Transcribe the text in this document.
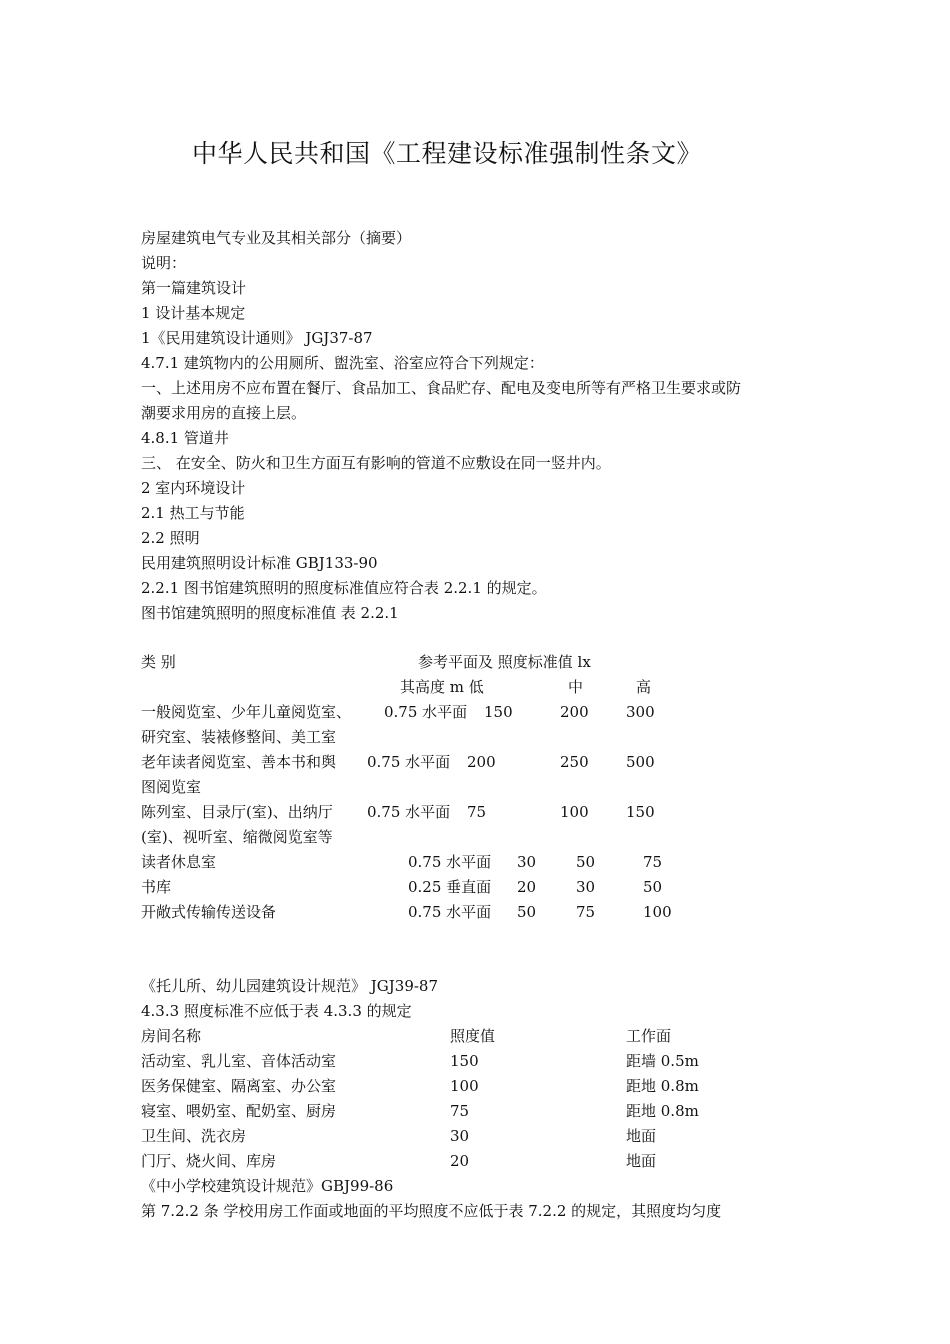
中华人民共和国《工程建设标准强制性条文》
房屋建筑电气专业及其相关部分（摘要）
说明：
第一篇建筑设计
1 设计基本规定
1《民用建筑设计通则》 JGJ37-87
4.7.1 建筑物内的公用厕所、盥洗室、浴室应符合下列规定：
一、上述用房不应布置在餐厅、食品加工、食品贮存、配电及变电所等有严格卫生要求或防
潮要求用房的直接上层。
4.8.1 管道井
三、 在安全、防火和卫生方面互有影响的管道不应敷设在同一竖井内。
2 室内环境设计
2.1 热工与节能
2.2 照明
民用建筑照明设计标准 GBJ133-90
2.2.1 图书馆建筑照明的照度标准值应符合表 2.2.1 的规定。
图书馆建筑照明的照度标准值 表 2.2.1
类 别	参考平面及 照度标准值 lx
其高度 m 低	中	高
一般阅览室、少年儿童阅览室、 0.75 水平面 150	200 300
研究室、装裱修整间、美工室
老年读者阅览室、善本书和舆 0.75 水平面 200	250 500
图阅览室
陈列室、目录厅(室)、出纳厅 0.75 水平面 75	100 150
(室)、视听室、缩微阅览室等
读者休息室	0.75 水平面 30	50	75
书库	0.25 垂直面 20	30	50
开敞式传输传送设备	0.75 水平面 50	75	100
《托儿所、幼儿园建筑设计规范》 JGJ39-87
4.3.3 照度标准不应低于表 4.3.3 的规定
房间名称	照度值	工作面
活动室、乳儿室、音体活动室	150	距墙 0.5m
医务保健室、隔离室、办公室	100	距地 0.8m
寝室、喂奶室、配奶室、厨房	75	距地 0.8m
卫生间、洗衣房	30	地面
门厅、烧火间、库房	20	地面
《中小学校建筑设计规范》GBJ99-86
第 7.2.2 条 学校用房工作面或地面的平均照度不应低于表 7.2.2 的规定，其照度均匀度
